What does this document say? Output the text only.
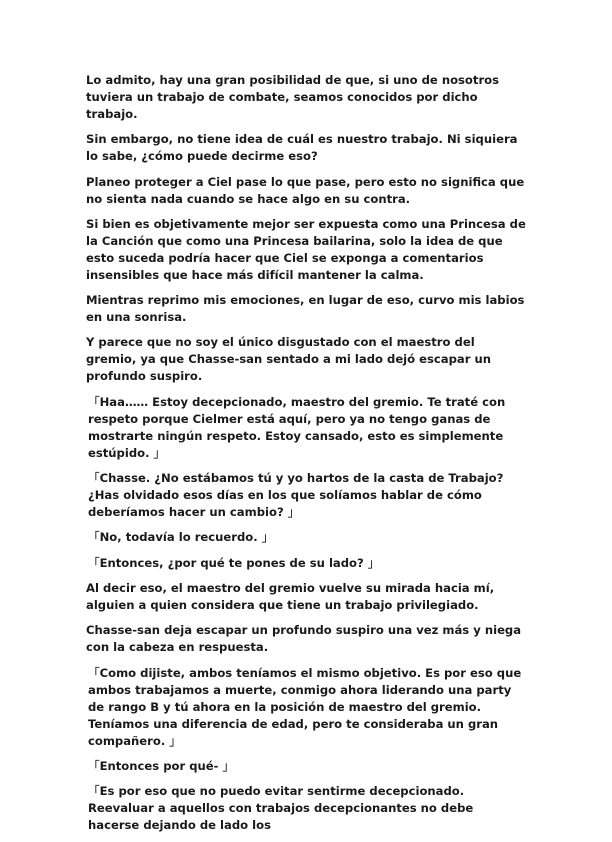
Lo admito, hay una gran posibilidad de que, si uno de nosotros tuviera un trabajo de combate, seamos conocidos por dicho trabajo.

Sin embargo, no tiene idea de cuál es nuestro trabajo. Ni siquiera lo sabe, ¿cómo puede decirme eso?

Planeo proteger a Ciel pase lo que pase, pero esto no significa que no sienta nada cuando se hace algo en su contra.

Si bien es objetivamente mejor ser expuesta como una Princesa de la Canción que como una Princesa bailarina, solo la idea de que esto suceda podría hacer que Ciel se exponga a comentarios insensibles que hace más difícil mantener la calma.

Mientras reprimo mis emociones, en lugar de eso, curvo mis labios en una sonrisa.

Y parece que no soy el único disgustado con el maestro del gremio, ya que Chasse-san sentado a mi lado dejó escapar un profundo suspiro.

「Haa…… Estoy decepcionado, maestro del gremio. Te traté con respeto porque Cielmer está aquí, pero ya no tengo ganas de mostrarte ningún respeto. Estoy cansado, esto es simplemente estúpido. 」

「Chasse. ¿No estábamos tú y yo hartos de la casta de Trabajo? ¿Has olvidado esos días en los que solíamos hablar de cómo deberíamos hacer un cambio? 」

「No, todavía lo recuerdo. 」

「Entonces, ¿por qué te pones de su lado? 」

Al decir eso, el maestro del gremio vuelve su mirada hacia mí, alguien a quien considera que tiene un trabajo privilegiado.

Chasse-san deja escapar un profundo suspiro una vez más y niega con la cabeza en respuesta.

「Como dijiste, ambos teníamos el mismo objetivo. Es por eso que ambos trabajamos a muerte, conmigo ahora liderando una party de rango B y tú ahora en la posición de maestro del gremio. Teníamos una diferencia de edad, pero te consideraba un gran compañero. 」

「Entonces por qué- 」

「Es por eso que no puedo evitar sentirme decepcionado. Reevaluar a aquellos con trabajos decepcionantes no debe hacerse dejando de lado los
